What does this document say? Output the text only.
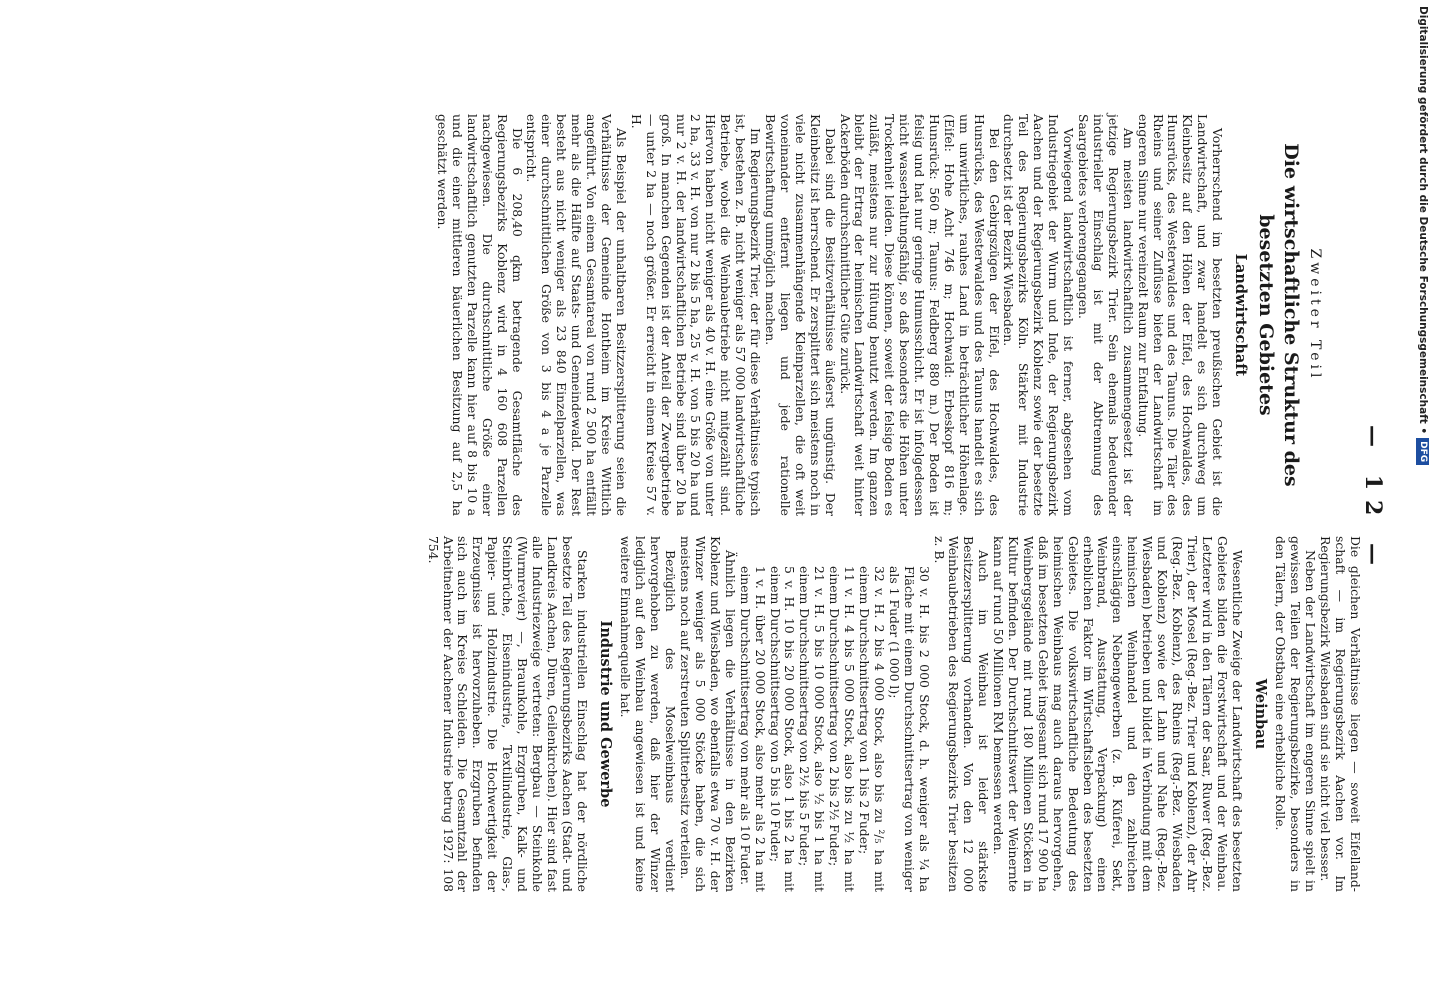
— 12 —
Zweiter Teil
Die wirtschaftliche Struktur des besetzten Gebietes
Landwirtschaft

Vorherrschend im besetzten preußischen Gebiet ist die Landwirtschaft, und zwar handelt es sich durchweg um Kleinbesitz auf den Höhen der Eifel, des Hochwaldes, des Hunsrücks, des Westerwaldes und des Taunus. Die Täler des Rheins und seiner Zuflüsse bieten der Landwirtschaft im engeren Sinne nur vereinzelt Raum zur Entfaltung.

Am meisten landwirtschaftlich zusammengesetzt ist der jetzige Regierungsbezirk Trier. Sein ehemals bedeutender industrieller Einschlag ist mit der Abtrennung des Saargebietes verlorengegangen.

Vorwiegend landwirtschaftlich ist ferner, abgesehen vom Industriegebiet der Wurm und Inde, der Regierungsbezirk Aachen und der Regierungsbezirk Koblenz sowie der besetzte Teil des Regierungsbezirks Köln. Stärker mit Industrie durchsetzt ist der Bezirk Wiesbaden.

Bei den Gebirgszügen der Eifel, des Hochwaldes, des Hunsrücks, des Westerwaldes und des Taunus handelt es sich um unwirtliches, rauhes Land in beträchtlicher Höhenlage. (Eifel: Hohe Acht 746 m; Hochwald: Erbeskopf 816 m; Hunsrück: 560 m; Taunus: Feldberg 880 m.) Der Boden ist felsig und hat nur geringe Humusschicht. Er ist infolgedessen nicht wasserhaltungsfähig, so daß besonders die Höhen unter Trockenheit leiden. Diese können, soweit der felsige Boden es zuläßt, meistens nur zur Hütung benutzt werden. Im ganzen bleibt der Ertrag der heimischen Landwirtschaft weit hinter Ackerböden durchschnittlicher Güte zurück.

Dabei sind die Besitzverhältnisse äußerst ungünstig. Der Kleinbesitz ist herrschend. Er zersplittert sich meistens noch in viele nicht zusammenhängende Kleinparzellen, die oft weit voneinander entfernt liegen und jede rationelle Bewirtschaftung unmöglich machen.

Im Regierungsbezirk Trier, der für diese Verhältnisse typisch ist, bestehen z. B. nicht weniger als 57 000 landwirtschaftliche Betriebe, wobei die Weinbaubetriebe nicht mitgezählt sind. Hiervon haben nicht weniger als 40 v. H. eine Größe von unter 2 ha, 33 v. H. von nur 2 bis 5 ha, 25 v. H. von 5 bis 20 ha und nur 2 v. H. der landwirtschaftlichen Betriebe sind über 20 ha groß. In manchen Gegenden ist der Anteil der Zwergbetriebe — unter 2 ha — noch größer. Er erreicht in einem Kreise 57 v. H.

Als Beispiel der unhaltbaren Besitzzersplitterung seien die Verhältnisse der Gemeinde Hontheim im Kreise Wittlich angeführt. Von einem Gesamtareal von rund 2 500 ha entfällt mehr als die Hälfte auf Staats- und Gemeindewald. Der Rest besteht aus nicht weniger als 23 840 Einzelparzellen, was einer durchschnittlichen Größe von 3 bis 4 a je Parzelle entspricht.

Die 6 208,40 qkm betragende Gesamtfläche des Regierungsbezirks Koblenz wird in 4 160 608 Parzellen nachgewiesen. Die durchschnittliche Größe einer landwirtschaftlich genutzten Parzelle kann hier auf 8 bis 10 a und die einer mittleren bäuerlichen Besitzung auf 2,5 ha geschätzt werden.

Die gleichen Verhältnisse liegen — soweit Eifelland-schaft — im Regierungsbezirk Aachen vor. Im Regierungsbezirk Wiesbaden sind sie nicht viel besser.

Neben der Landwirtschaft im engeren Sinne spielt in gewissen Teilen der Regierungsbezirke, besonders in den Tälern, der Obstbau eine erhebliche Rolle.

Weinbau

Wesentliche Zweige der Landwirtschaft des besetzten Gebietes bilden die Forstwirtschaft und der Weinbau. Letzterer wird in den Tälern der Saar, Ruwer (Reg.-Bez. Trier), der Mosel (Reg.-Bez. Trier und Koblenz), der Ahr (Reg.-Bez. Koblenz), des Rheins (Reg.-Bez. Wiesbaden und Koblenz) sowie der Lahn und Nahe (Reg.-Bez. Wiesbaden) betrieben und bildet in Verbindung mit dem heimischen Weinhandel und den zahlreichen einschlägigen Nebengewerben (z. B. Küferei, Sekt, Weinbrand, Ausstattung, Verpackung) einen erheblichen Faktor im Wirtschaftsleben des besetzten Gebietes. Die volkswirtschaftliche Bedeutung des heimischen Weinbaus mag auch daraus hervorgehen, daß im besetzten Gebiet insgesamt sich rund 17 900 ha Weinbergsgelände mit rund 180 Millionen Stöcken in Kultur befinden. Der Durchschnittswert der Weinernte kann auf rund 50 Millionen RM bemessen werden.

Auch im Weinbau ist leider stärkste Besitzzersplitterung vorhanden. Von den 12 000 Weinbaubetrieben des Regierungsbezirks Trier besitzen z. B.

30 v. H. bis 2 000 Stock, d. h. weniger als ¼ ha Fläche mit einem Durchschnittsertrag von weniger als 1 Fuder (1 000 l);

32 v. H. 2 bis 4 000 Stock, also bis zu ²/₅ ha mit einem Durchschnittsertrag von 1 bis 2 Fuder;

11 v. H. 4 bis 5 000 Stock, also bis zu ½ ha mit einem Durchschnittsertrag von 2 bis 2½ Fuder;

21 v. H. 5 bis 10 000 Stock, also ½ bis 1 ha mit einem Durchschnittsertrag von 2½ bis 5 Fuder;

5 v. H. 10 bis 20 000 Stock, also 1 bis 2 ha mit einem Durchschnittsertrag von 5 bis 10 Fuder;

1 v. H. über 20 000 Stock, also mehr als 2 ha mit einem Durchschnittsertrag von mehr als 10 Fuder.

Ähnlich liegen die Verhältnisse in den Bezirken Koblenz und Wiesbaden, wo ebenfalls etwa 70 v. H. der Winzer weniger als 5 000 Stöcke haben, die sich meistens noch auf zerstreuten Splitterbesitz verteilen.

Bezüglich des Moselweinbaus verdient hervorgehoben zu werden, daß hier der Winzer lediglich auf den Weinbau angewiesen ist und keine weitere Einnahmequelle hat.

Industrie und Gewerbe

Starken industriellen Einschlag hat der nördliche besetzte Teil des Regierungsbezirks Aachen (Stadt- und Landkreis Aachen, Düren, Geilenkirchen). Hier sind fast alle Industriezweige vertreten: Bergbau — Steinkohle (Wurmrevier) —, Braunkohle, Erzgruben, Kalk- und Steinbrüche, Eisenindustrie, Textilindustrie, Glas-, Papier- und Holzindustrie. Die Hochwertigkeit der Erzeugnisse ist hervorzuheben. Erzgruben befinden sich auch im Kreise Schleiden. Die Gesamtzahl der Arbeitnehmer der Aachener Industrie betrug 1927: 108 754.

Digitalisierung gefördert durch die Deutsche Forschungsgemeinschaft •DFG
